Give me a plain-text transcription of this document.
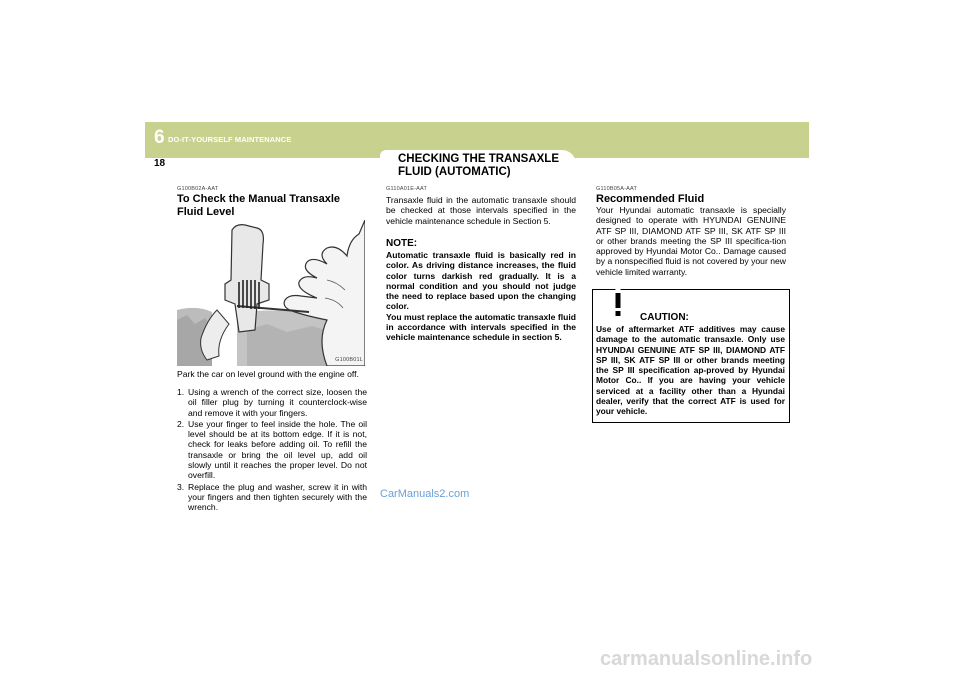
6 DO-IT-YOURSELF MAINTENANCE
18	CHECKING THE TRANSAXLE FLUID (AUTOMATIC)
G100B02A-AAT
To Check the Manual Transaxle Fluid Level
G100B01L
Park the car on level ground with the engine off.
1. Using a wrench of the correct size, loosen the oil filler plug by turning it counterclock-wise and remove it with your fingers.
2. Use your finger to feel inside the hole. The oil level should be at its bottom edge. If it is not, check for leaks before adding oil. To refill the transaxle or bring the oil level up, add oil slowly until it reaches the proper level. Do not overfill.
3. Replace the plug and washer, screw it in with your fingers and then tighten securely with the wrench.
G110A01E-AAT
Transaxle fluid in the automatic transaxle should be checked at those intervals specified in the vehicle maintenance schedule in Section 5.
NOTE:
Automatic transaxle fluid is basically red in color. As driving distance increases, the fluid color turns darkish red gradually. It is a normal condition and you should not judge the need to replace based upon the changing color.
You must replace the automatic transaxle fluid in accordance with intervals specified in the vehicle maintenance schedule in section 5.
CarManuals2.com
G110B05A-AAT
Recommended Fluid
Your Hyundai automatic transaxle is specially designed to operate with HYUNDAI GENUINE ATF SP III, DIAMOND ATF SP III, SK ATF SP III or other brands meeting the SP III specifica-tion approved by Hyundai Motor Co.. Damage caused by a nonspecified fluid is not covered by your new vehicle limited warranty.
CAUTION:
Use of aftermarket ATF additives may cause damage to the automatic transaxle. Only use HYUNDAI GENUINE ATF SP III, DIAMOND ATF SP III, SK ATF SP III or other brands meeting the SP III specification ap-proved by Hyundai Motor Co.. If you are having your vehicle serviced at a facility other than a Hyundai dealer, verify that the correct ATF is used for your vehicle.
carmanualsonline.info
